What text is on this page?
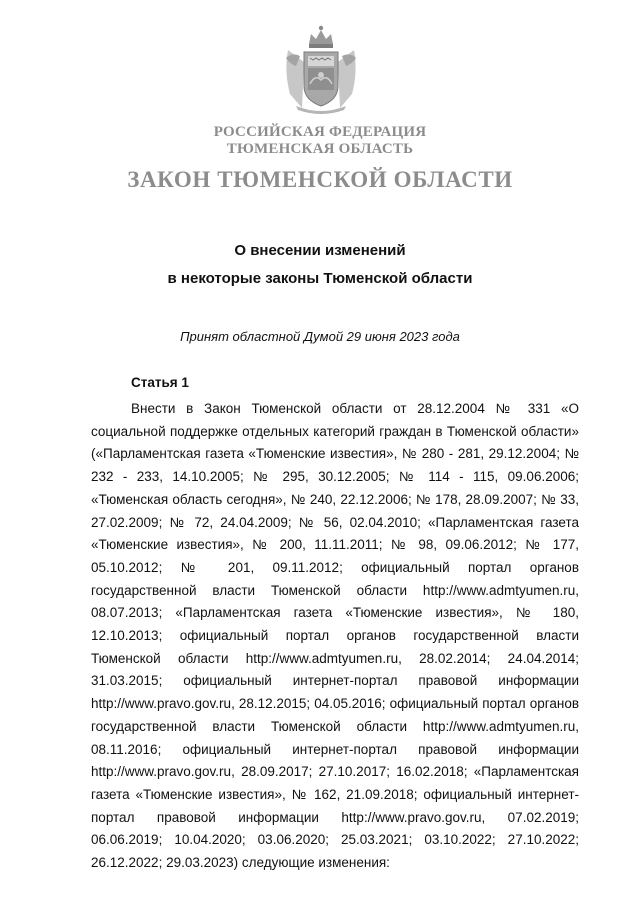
РОССИЙСКАЯ ФЕДЕРАЦИЯ
ТЮМЕНСКАЯ ОБЛАСТЬ
ЗАКОН ТЮМЕНСКОЙ ОБЛАСТИ
О внесении изменений
в некоторые законы Тюменской области
Принят областной Думой 29 июня 2023 года
Статья 1

Внести в Закон Тюменской области от 28.12.2004 № 331 «О социальной поддержке отдельных категорий граждан в Тюменской области» («Парламентская газета «Тюменские известия», № 280 - 281, 29.12.2004; № 232 - 233, 14.10.2005; № 295, 30.12.2005; № 114 - 115, 09.06.2006; «Тюменская область сегодня», № 240, 22.12.2006; № 178, 28.09.2007; № 33, 27.02.2009; № 72, 24.04.2009; № 56, 02.04.2010; «Парламентская газета «Тюменские известия», № 200, 11.11.2011; № 98, 09.06.2012; № 177, 05.10.2012; № 201, 09.11.2012; официальный портал органов государственной власти Тюменской области http://www.admtyumen.ru, 08.07.2013; «Парламентская газета «Тюменские известия», № 180, 12.10.2013; официальный портал органов государственной власти Тюменской области http://www.admtyumen.ru, 28.02.2014; 24.04.2014; 31.03.2015; официальный интернет-портал правовой информации http://www.pravo.gov.ru, 28.12.2015; 04.05.2016; официальный портал органов государственной власти Тюменской области http://www.admtyumen.ru, 08.11.2016; официальный интернет-портал правовой информации http://www.pravo.gov.ru, 28.09.2017; 27.10.2017; 16.02.2018; «Парламентская газета «Тюменские известия», № 162, 21.09.2018; официальный интернет-портал правовой информации http://www.pravo.gov.ru, 07.02.2019; 06.06.2019; 10.04.2020; 03.06.2020; 25.03.2021; 03.10.2022; 27.10.2022; 26.12.2022; 29.03.2023) следующие изменения:
